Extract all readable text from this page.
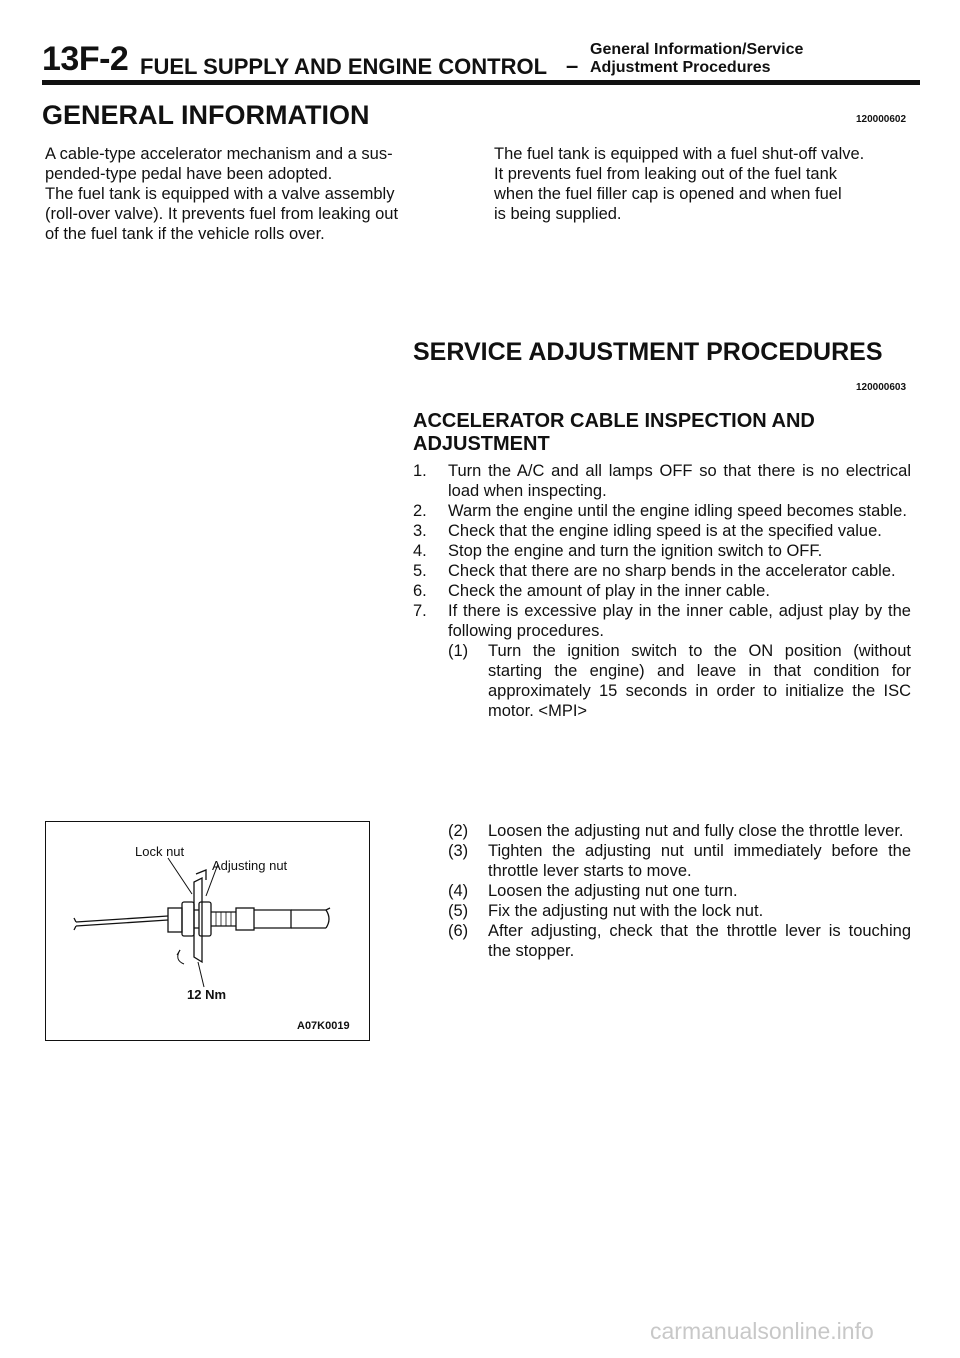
13F-2 FUEL SUPPLY AND ENGINE CONTROL –
General Information/Service
Adjustment Procedures
GENERAL INFORMATION	120000602
A cable-type accelerator mechanism and a sus-
pended-type pedal have been adopted.
The fuel tank is equipped with a valve assembly
(roll-over valve). It prevents fuel from leaking out
of the fuel tank if the vehicle rolls over.
The fuel tank is equipped with a fuel shut-off valve.
It prevents fuel from leaking out of the fuel tank
when the fuel filler cap is opened and when fuel
is being supplied.
SERVICE ADJUSTMENT PROCEDURES
120000603
ACCELERATOR CABLE INSPECTION AND
ADJUSTMENT
1. Turn the A/C and all lamps OFF so that there is no electrical load when inspecting.
2. Warm the engine until the engine idling speed becomes stable.
3. Check that the engine idling speed is at the specified value.
4. Stop the engine and turn the ignition switch to OFF.
5. Check that there are no sharp bends in the accelerator cable.
6. Check the amount of play in the inner cable.
7. If there is excessive play in the inner cable, adjust play by the following procedures.
(1) Turn the ignition switch to the ON position (without starting the engine) and leave in that condition for approximately 15 seconds in order to initialize the ISC motor. <MPI>
(2) Loosen the adjusting nut and fully close the throttle lever.
(3) Tighten the adjusting nut until immediately before the throttle lever starts to move.
(4) Loosen the adjusting nut one turn.
(5) Fix the adjusting nut with the lock nut.
(6) After adjusting, check that the throttle lever is touching the stopper.
Lock nut
Adjusting nut
12 Nm
A07K0019
carmanualsonline.info
